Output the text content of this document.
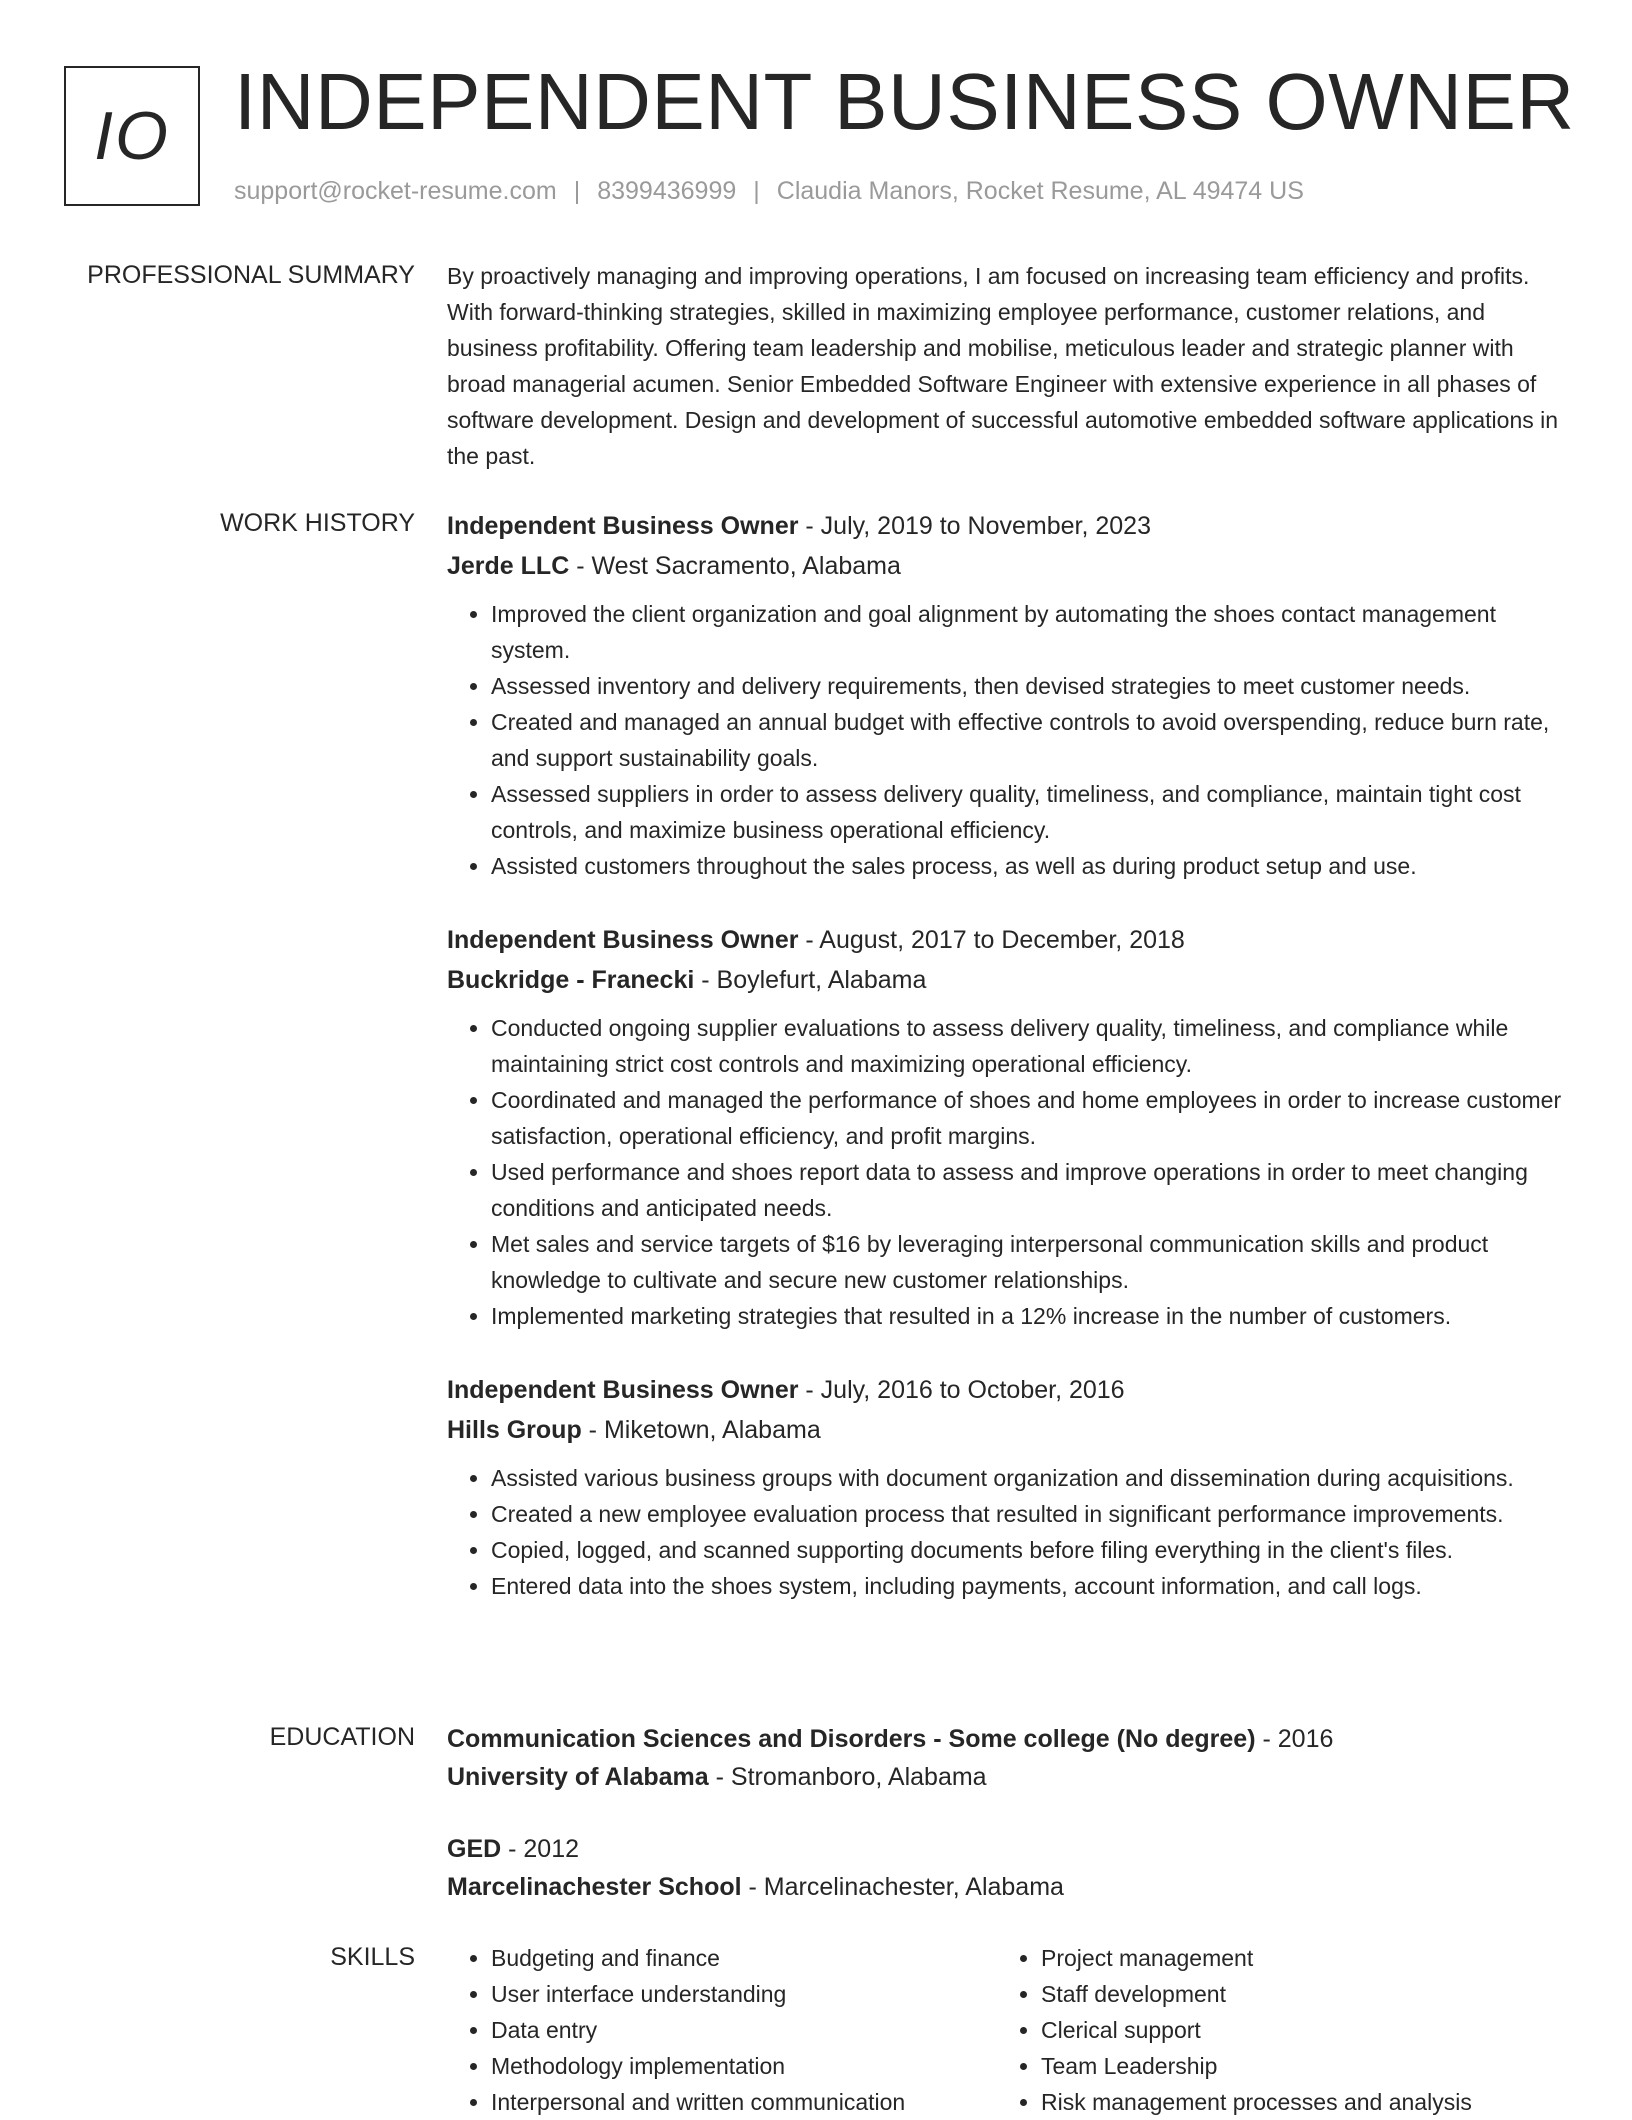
IO INDEPENDENT BUSINESS OWNER
support@rocket-resume.com | 8399436999 | Claudia Manors, Rocket Resume, AL 49474 US
PROFESSIONAL SUMMARY By proactively managing and improving operations, I am focused on increasing team efficiency and profits. With forward-thinking strategies, skilled in maximizing employee performance, customer relations, and business profitability. Offering team leadership and mobilise, meticulous leader and strategic planner with broad managerial acumen. Senior Embedded Software Engineer with extensive experience in all phases of software development. Design and development of successful automotive embedded software applications in the past.

WORK HISTORY Independent Business Owner - July, 2019 to November, 2023
Jerde LLC - West Sacramento, Alabama
• Improved the client organization and goal alignment by automating the shoes contact management system.
• Assessed inventory and delivery requirements, then devised strategies to meet customer needs.
• Created and managed an annual budget with effective controls to avoid overspending, reduce burn rate, and support sustainability goals.
• Assessed suppliers in order to assess delivery quality, timeliness, and compliance, maintain tight cost controls, and maximize business operational efficiency.
• Assisted customers throughout the sales process, as well as during product setup and use.
Independent Business Owner - August, 2017 to December, 2018
Buckridge - Franecki - Boylefurt, Alabama
• Conducted ongoing supplier evaluations to assess delivery quality, timeliness, and compliance while maintaining strict cost controls and maximizing operational efficiency.
• Coordinated and managed the performance of shoes and home employees in order to increase customer satisfaction, operational efficiency, and profit margins.
• Used performance and shoes report data to assess and improve operations in order to meet changing conditions and anticipated needs.
• Met sales and service targets of $16 by leveraging interpersonal communication skills and product knowledge to cultivate and secure new customer relationships.
• Implemented marketing strategies that resulted in a 12% increase in the number of customers.
Independent Business Owner - July, 2016 to October, 2016
Hills Group - Miketown, Alabama
• Assisted various business groups with document organization and dissemination during acquisitions.
• Created a new employee evaluation process that resulted in significant performance improvements.
• Copied, logged, and scanned supporting documents before filing everything in the client's files.
• Entered data into the shoes system, including payments, account information, and call logs.
EDUCATION Communication Sciences and Disorders - Some college (No degree) - 2016
University of Alabama - Stromanboro, Alabama
GED - 2012
Marcelinachester School - Marcelinachester, Alabama
SKILLS
•	Budgeting and finance
• User interface understanding
• Data entry
• Methodology implementation
• Interpersonal and written communication
• Project management
• Staff development
• Clerical support
• Team Leadership
• Risk management processes and analysis
